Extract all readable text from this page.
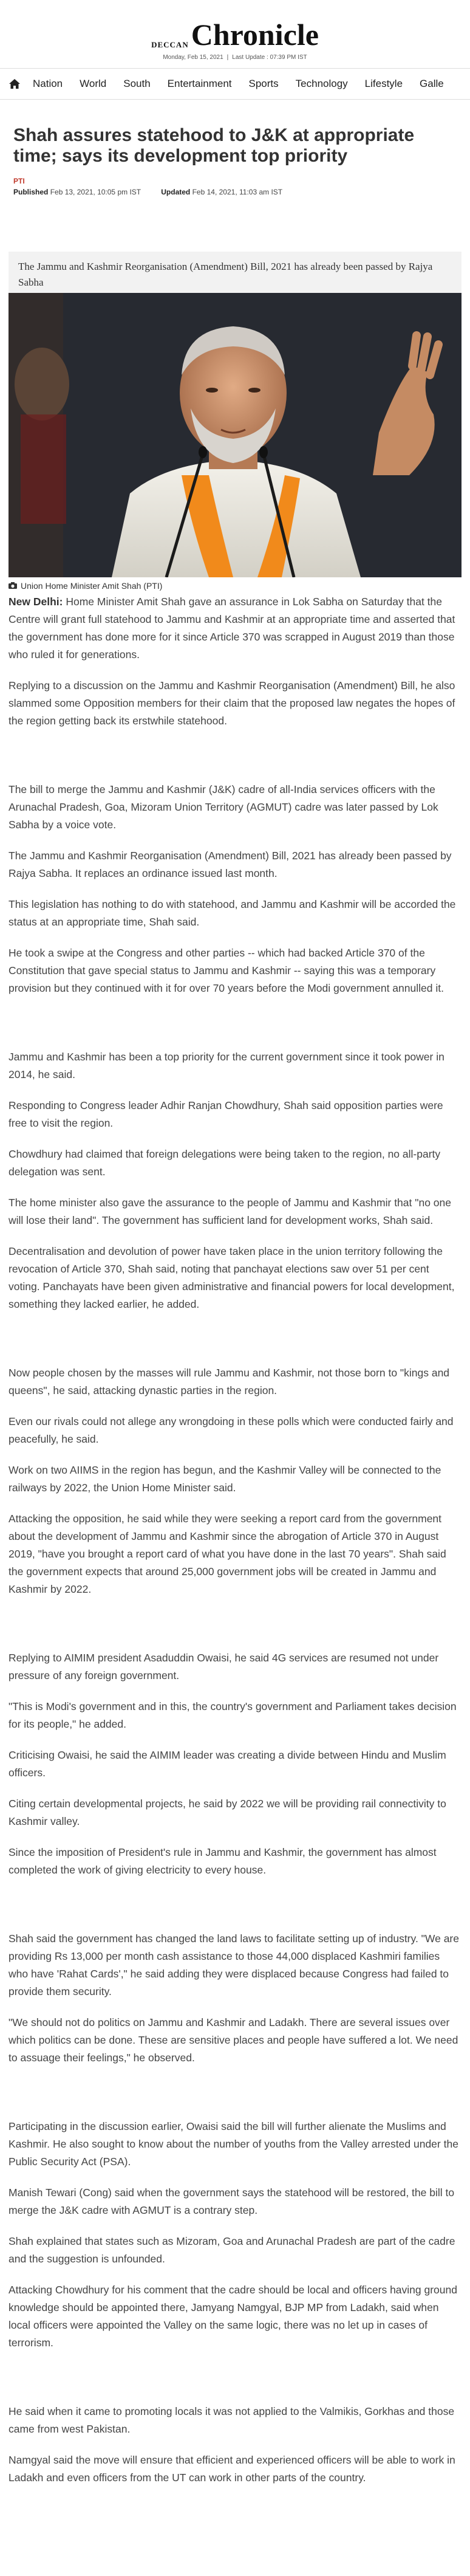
DECCAN Chronicle
Monday, Feb 15, 2021 | Last Update : 07:39 PM IST
Nation World South Entertainment Sports Technology Lifestyle Galle
Shah assures statehood to J&K at appropriate time; says its development top priority
PTI
Published Feb 13, 2021, 10:05 pm IST	Updated Feb 14, 2021, 11:03 am IST
The Jammu and Kashmir Reorganisation (Amendment) Bill, 2021 has already been passed by Rajya Sabha
Union Home Minister Amit Shah (PTI)

New Delhi: Home Minister Amit Shah gave an assurance in Lok Sabha on Saturday that the Centre will grant full statehood to Jammu and Kashmir at an appropriate time and asserted that the government has done more for it since Article 370 was scrapped in August 2019 than those who ruled it for generations.

Replying to a discussion on the Jammu and Kashmir Reorganisation (Amendment) Bill, he also slammed some Opposition members for their claim that the proposed law negates the hopes of the region getting back its erstwhile statehood.

The bill to merge the Jammu and Kashmir (J&K) cadre of all-India services officers with the Arunachal Pradesh, Goa, Mizoram Union Territory (AGMUT) cadre was later passed by Lok Sabha by a voice vote.

The Jammu and Kashmir Reorganisation (Amendment) Bill, 2021 has already been passed by Rajya Sabha. It replaces an ordinance issued last month.

This legislation has nothing to do with statehood, and Jammu and Kashmir will be accorded the status at an appropriate time, Shah said.

He took a swipe at the Congress and other parties -- which had backed Article 370 of the Constitution that gave special status to Jammu and Kashmir -- saying this was a temporary provision but they continued with it for over 70 years before the Modi government annulled it.

Jammu and Kashmir has been a top priority for the current government since it took power in 2014, he said.

Responding to Congress leader Adhir Ranjan Chowdhury, Shah said opposition parties were free to visit the region.

Chowdhury had claimed that foreign delegations were being taken to the region, no all-party delegation was sent.

The home minister also gave the assurance to the people of Jammu and Kashmir that "no one will lose their land". The government has sufficient land for development works, Shah said.

Decentralisation and devolution of power have taken place in the union territory following the revocation of Article 370, Shah said, noting that panchayat elections saw over 51 per cent voting. Panchayats have been given administrative and financial powers for local development, something they lacked earlier, he added.

Now people chosen by the masses will rule Jammu and Kashmir, not those born to "kings and queens", he said, attacking dynastic parties in the region.

Even our rivals could not allege any wrongdoing in these polls which were conducted fairly and peacefully, he said.

Work on two AIIMS in the region has begun, and the Kashmir Valley will be connected to the railways by 2022, the Union Home Minister said.

Attacking the opposition, he said while they were seeking a report card from the government about the development of Jammu and Kashmir since the abrogation of Article 370 in August 2019, "have you brought a report card of what you have done in the last 70 years". Shah said the government expects that around 25,000 government jobs will be created in Jammu and Kashmir by 2022.

Replying to AIMIM president Asaduddin Owaisi, he said 4G services are resumed not under pressure of any foreign government.

"This is Modi's government and in this, the country's government and Parliament takes decision for its people," he added.

Criticising Owaisi, he said the AIMIM leader was creating a divide between Hindu and Muslim officers.

Citing certain developmental projects, he said by 2022 we will be providing rail connectivity to Kashmir valley.

Since the imposition of President's rule in Jammu and Kashmir, the government has almost completed the work of giving electricity to every house.

Shah said the government has changed the land laws to facilitate setting up of industry. "We are providing Rs 13,000 per month cash assistance to those 44,000 displaced Kashmiri families who have 'Rahat Cards'," he said adding they were displaced because Congress had failed to provide them security.

"We should not do politics on Jammu and Kashmir and Ladakh. There are several issues over which politics can be done. These are sensitive places and people have suffered a lot. We need to assuage their feelings," he observed.

Participating in the discussion earlier, Owaisi said the bill will further alienate the Muslims and Kashmir. He also sought to know about the number of youths from the Valley arrested under the Public Security Act (PSA).

Manish Tewari (Cong) said when the government says the statehood will be restored, the bill to merge the J&K cadre with AGMUT is a contrary step.

Shah explained that states such as Mizoram, Goa and Arunachal Pradesh are part of the cadre and the suggestion is unfounded.

Attacking Chowdhury for his comment that the cadre should be local and officers having ground knowledge should be appointed there, Jamyang Namgyal, BJP MP from Ladakh, said when local officers were appointed the Valley on the same logic, there was no let up in cases of terrorism.

He said when it came to promoting locals it was not applied to the Valmikis, Gorkhas and those came from west Pakistan.

Namgyal said the move will ensure that efficient and experienced officers will be able to work in Ladakh and even officers from the UT can work in other parts of the country.
